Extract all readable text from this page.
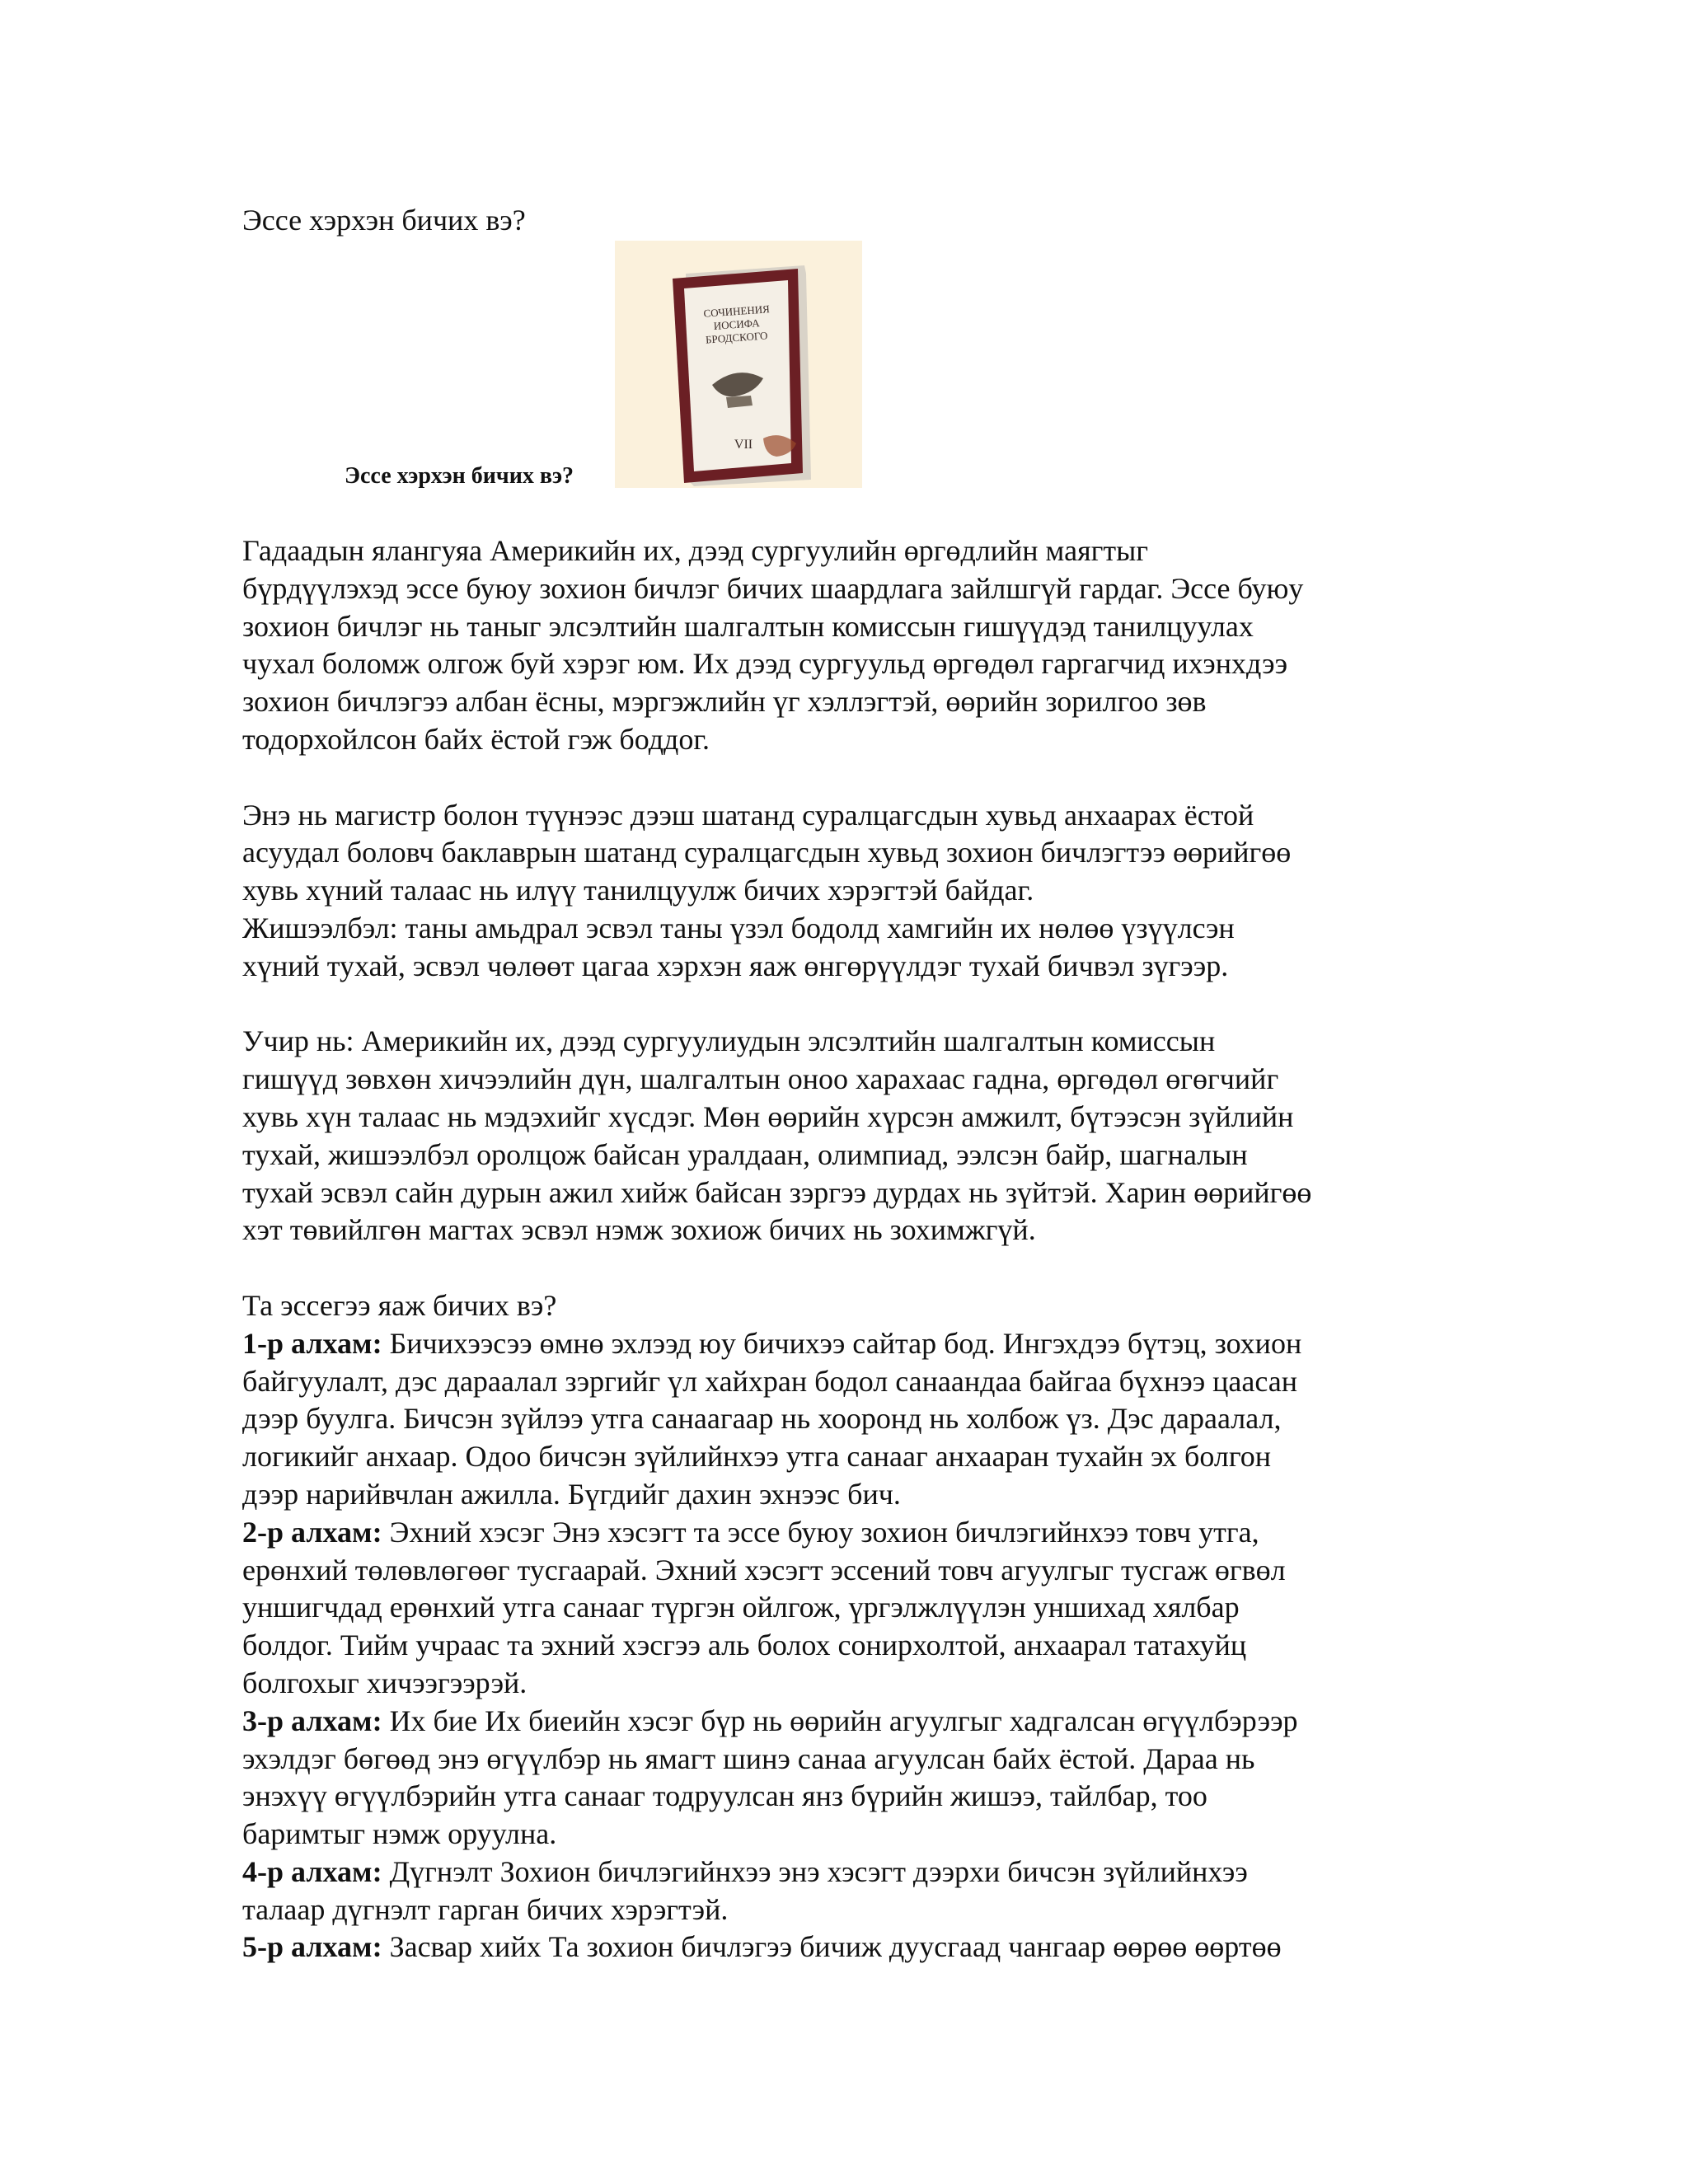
Эссе хэрхэн бичих вэ?
СОЧИНЕНИЯ
ИОСИФА
БРОДСКОГО
VII
Эссе хэрхэн бичих вэ?
Гадаадын ялангуяа Америкийн их, дээд сургуулийн өргөдлийн маягтыг
бүрдүүлэхэд эссе буюу зохион бичлэг бичих шаардлага зайлшгүй гардаг. Эссе буюу
зохион бичлэг нь таныг элсэлтийн шалгалтын комиссын гишүүдэд танилцуулах
чухал боломж олгож буй хэрэг юм. Их дээд сургуульд өргөдөл гаргагчид ихэнхдээ
зохион бичлэгээ албан ёсны, мэргэжлийн үг хэллэгтэй, өөрийн зорилгоо зөв
тодорхойлсон байх ёстой гэж боддог.
Энэ нь магистр болон түүнээс дээш шатанд суралцагсдын хувьд анхаарах ёстой
асуудал боловч баклаврын шатанд суралцагсдын хувьд зохион бичлэгтээ өөрийгөө
хувь хүний талаас нь илүү танилцуулж бичих хэрэгтэй байдаг.
Жишээлбэл: таны амьдрал эсвэл таны үзэл бодолд хамгийн их нөлөө үзүүлсэн
хүний тухай, эсвэл чөлөөт цагаа хэрхэн яаж өнгөрүүлдэг тухай бичвэл зүгээр.
Учир нь: Америкийн их, дээд сургуулиудын элсэлтийн шалгалтын комиссын
гишүүд зөвхөн хичээлийн дүн, шалгалтын оноо харахаас гадна, өргөдөл өгөгчийг
хувь хүн талаас нь мэдэхийг хүсдэг. Мөн өөрийн хүрсэн амжилт, бүтээсэн зүйлийн
тухай, жишээлбэл оролцож байсан уралдаан, олимпиад, ээлсэн байр, шагналын
тухай эсвэл сайн дурын ажил хийж байсан зэргээ дурдах нь зүйтэй. Харин өөрийгөө
хэт төвийлгөн магтах эсвэл нэмж зохиож бичих нь зохимжгүй.
Та эссегээ яаж бичих вэ?
1-р алхам: Бичихээсээ өмнө эхлээд юу бичихээ сайтар бод. Ингэхдээ бүтэц, зохион
байгуулалт, дэс дараалал зэргийг үл хайхран бодол санаандаа байгаа бүхнээ цаасан
дээр буулга. Бичсэн зүйлээ утга санаагаар нь хооронд нь холбож үз. Дэс дараалал,
логикийг анхаар. Одоо бичсэн зүйлийнхээ утга санааг анхааран тухайн эх болгон
дээр нарийвчлан ажилла. Бүгдийг дахин эхнээс бич.
2-р алхам: Эхний хэсэг Энэ хэсэгт та эссе буюу зохион бичлэгийнхээ товч утга,
ерөнхий төлөвлөгөөг тусгаарай. Эхний хэсэгт эссений товч агуулгыг тусгаж өгвөл
уншигчдад ерөнхий утга санааг түргэн ойлгож, үргэлжлүүлэн уншихад хялбар
болдог. Тийм учраас та эхний хэсгээ аль болох сонирхолтой, анхаарал татахуйц
болгохыг хичээгээрэй.
3-р алхам: Их бие Их биеийн хэсэг бүр нь өөрийн агуулгыг хадгалсан өгүүлбэрээр
эхэлдэг бөгөөд энэ өгүүлбэр нь ямагт шинэ санаа агуулсан байх ёстой. Дараа нь
энэхүү өгүүлбэрийн утга санааг тодруулсан янз бүрийн жишээ, тайлбар, тоо
баримтыг нэмж оруулна.
4-р алхам: Дүгнэлт Зохион бичлэгийнхээ энэ хэсэгт дээрхи бичсэн зүйлийнхээ
талаар дүгнэлт гарган бичих хэрэгтэй.
5-р алхам: Засвар хийх Та зохион бичлэгээ бичиж дуусгаад чангаар өөрөө өөртөө
